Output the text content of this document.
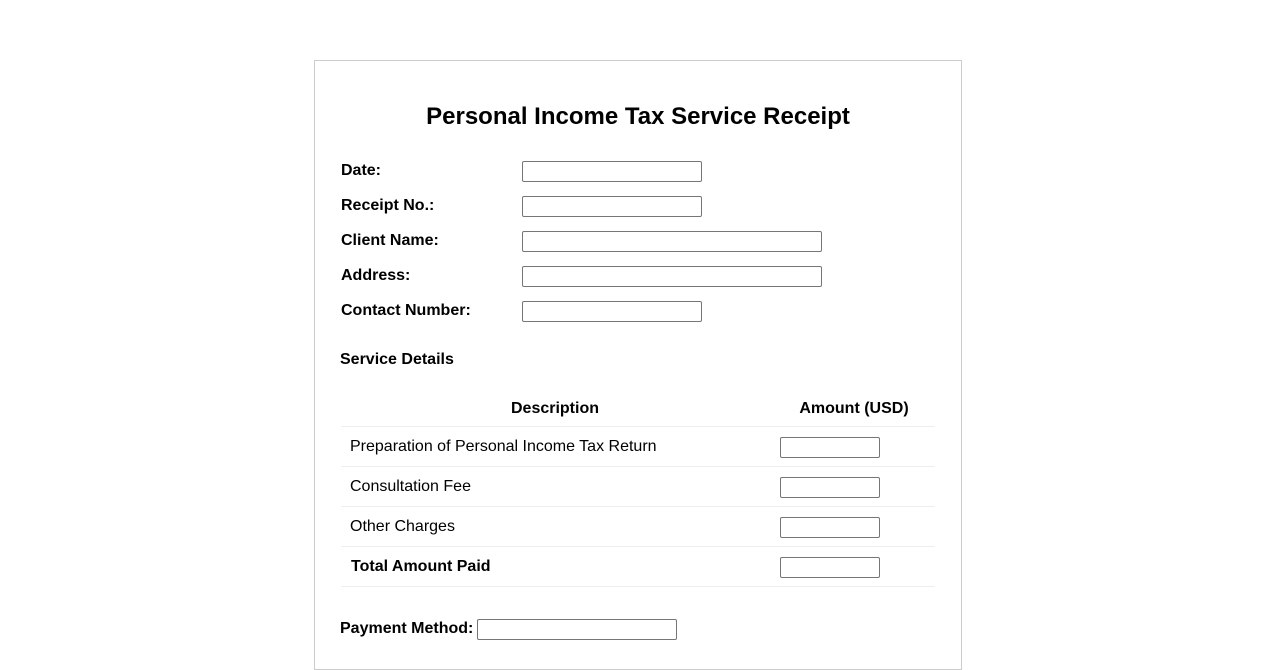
Personal Income Tax Service Receipt
Date:
Receipt No.:
Client Name:
Address:
Contact Number:
Service Details
Description	Amount (USD)
Preparation of Personal Income Tax Return
Consultation Fee
Other Charges
Total Amount Paid
Payment Method:
